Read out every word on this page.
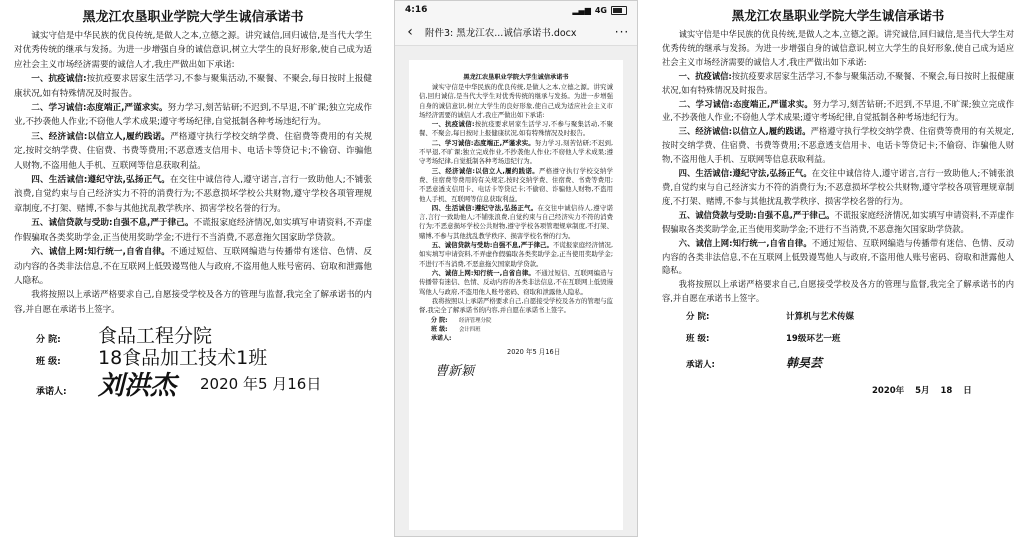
黑龙江农垦职业学院大学生诚信承诺书

诚实守信是中华民族的优良传统,是做人之本,立德之源。讲究诚信,回归诚信,是当代大学生对优秀传统的继承与发扬。为进一步增强自身的诚信意识,树立大学生的良好形象,使自己成为适应社会主义市场经济需要的诚信人才,我庄严做出如下承诺:

一、抗疫诚信:按抗疫要求居家生活学习,不参与聚集活动,不聚餐、不聚会,每日按时上报健康状况,如有特殊情况及时报告。

二、学习诚信:态度端正,严谨求实。努力学习,刻苦钻研;不迟到,不早退,不旷课;独立完成作业,不抄袭他人作业;不窃他人学术成果;遵守考场纪律,自觉抵制各种考场违纪行为。

三、经济诚信:以信立人,履约践诺。严格遵守执行学校交纳学费、住宿费等费用的有关规定,按时交纳学费、住宿费、书费等费用;不恶意透支信用卡、电话卡等贷记卡;不偷窃、诈骗他人财物,不盗用他人手机、互联网等信息获取利益。

四、生活诚信:遵纪守法,弘扬正气。在交往中诚信待人,遵守诺言,言行一致助他人;不铺张浪费,自觉约束与自己经济实力不符的消费行为;不恶意损坏学校公共财物,遵守学校各项管理规章制度,不打架、赌博,不参与其他扰乱教学秩序、损害学校名誉的行为。

五、诚信贷款与受助:自强不息,严于律己。不谎报家庭经济情况,如实填写申请资料,不弄虚作假骗取各类奖助学金,正当使用奖助学金;不进行不当消费,不恶意拖欠国家助学贷款。

六、诚信上网:知行统一,自省自律。不通过短信、互联网编造与传播带有迷信、色情、反动内容的各类非法信息,不在互联网上低毁谩骂他人与政府,不盗用他人账号密码、窃取和泄露他人隐私。

我将按照以上承诺严格要求自己,自愿接受学校及各方的管理与监督,我完全了解承诺书的内容,并自愿在承诺书上签字。

分 院:	食品工程分院
班 级:	18食品加工技术1班
承诺人:	刘洪杰 2020 年5 月16日
4:16	▂▄▆ 4G
‹	附件3: 黑龙江农...诚信承诺书.docx	···
黑龙江农垦职业学院大学生诚信承诺书

诚实守信是中华民族的优良传统,是做人之本,立德之源。讲究诚信,回归诚信,是当代大学生对优秀传统的继承与发扬。为进一步增强自身的诚信意识,树立大学生的良好形象,使自己成为适应社会主义市场经济需要的诚信人才,我庄严做出如下承诺:

一、抗疫诚信:按抗疫要求居家生活学习,不参与聚集活动,不聚餐、不聚会,每日按时上报健康状况,如有特殊情况及时报告。

二、学习诚信:态度端正,严谨求实。努力学习,刻苦钻研;不迟到,不早退,不旷课;独立完成作业,不抄袭他人作业;不窃他人学术成果;遵守考场纪律,自觉抵制各种考场违纪行为。

三、经济诚信:以信立人,履约践诺。严格遵守执行学校交纳学费、住宿费等费用的有关规定,按时交纳学费、住宿费、书费等费用;不恶意透支信用卡、电话卡等贷记卡;不偷窃、诈骗他人财物,不盗用他人手机、互联网等信息获取利益。

四、生活诚信:遵纪守法,弘扬正气。在交往中诚信待人,遵守诺言,言行一致助他人;不铺张浪费,自觉约束与自己经济实力不符的消费行为;不恶意损坏学校公共财物,遵守学校各项管理规章制度,不打架、赌博,不参与其他扰乱教学秩序、损害学校名誉的行为。

五、诚信贷款与受助:自强不息,严于律己。不谎报家庭经济情况,如实填写申请资料,不弄虚作假骗取各类奖助学金,正当使用奖助学金;不进行不当消费,不恶意拖欠国家助学贷款。

六、诚信上网:知行统一,自省自律。不通过短信、互联网编造与传播带有迷信、色情、反动内容的各类非法信息,不在互联网上低毁谩骂他人与政府,不盗用他人账号密码、窃取和泄露他人隐私。

我将按照以上承诺严格要求自己,自愿接受学校及各方的管理与监督,我完全了解承诺书的内容,并自愿在承诺书上签字。

分 院:	经济管理分院
班 级:	会计四班
承诺人:
2020 年5 月16日
曹新颖
黑龙江农垦职业学院大学生诚信承诺书

诚实守信是中华民族的优良传统,是做人之本,立德之源。讲究诚信,回归诚信,是当代大学生对优秀传统的继承与发扬。为进一步增强自身的诚信意识,树立大学生的良好形象,使自己成为适应社会主义市场经济需要的诚信人才,我庄严做出如下承诺:

一、抗疫诚信:按抗疫要求居家生活学习,不参与聚集活动,不聚餐、不聚会,每日按时上报健康状况,如有特殊情况及时报告。

二、学习诚信:态度端正,严谨求实。努力学习,刻苦钻研;不迟到,不早退,不旷课;独立完成作业,不抄袭他人作业;不窃他人学术成果;遵守考场纪律,自觉抵制各种考场违纪行为。

三、经济诚信:以信立人,履约践诺。严格遵守执行学校交纳学费、住宿费等费用的有关规定,按时交纳学费、住宿费、书费等费用;不恶意透支信用卡、电话卡等贷记卡;不偷窃、诈骗他人财物,不盗用他人手机、互联网等信息获取利益。

四、生活诚信:遵纪守法,弘扬正气。在交往中诚信待人,遵守诺言,言行一致助他人;不铺张浪费,自觉约束与自己经济实力不符的消费行为;不恶意损坏学校公共财物,遵守学校各项管理规章制度,不打架、赌博,不参与其他扰乱教学秩序、损害学校名誉的行为。

五、诚信贷款与受助:自强不息,严于律己。不谎报家庭经济情况,如实填写申请资料,不弄虚作假骗取各类奖助学金,正当使用奖助学金;不进行不当消费,不恶意拖欠国家助学贷款。

六、诚信上网:知行统一,自省自律。不通过短信、互联网编造与传播带有迷信、色情、反动内容的各类非法信息,不在互联网上低毁谩骂他人与政府,不盗用他人账号密码、窃取和泄露他人隐私。

我将按照以上承诺严格要求自己,自愿接受学校及各方的管理与监督,我完全了解承诺书的内容,并自愿在承诺书上签字。

分 院:	计算机与艺术传媒
班 级:	19级环艺一班
承诺人:	韩昊芸
2020年 5月 18 日
